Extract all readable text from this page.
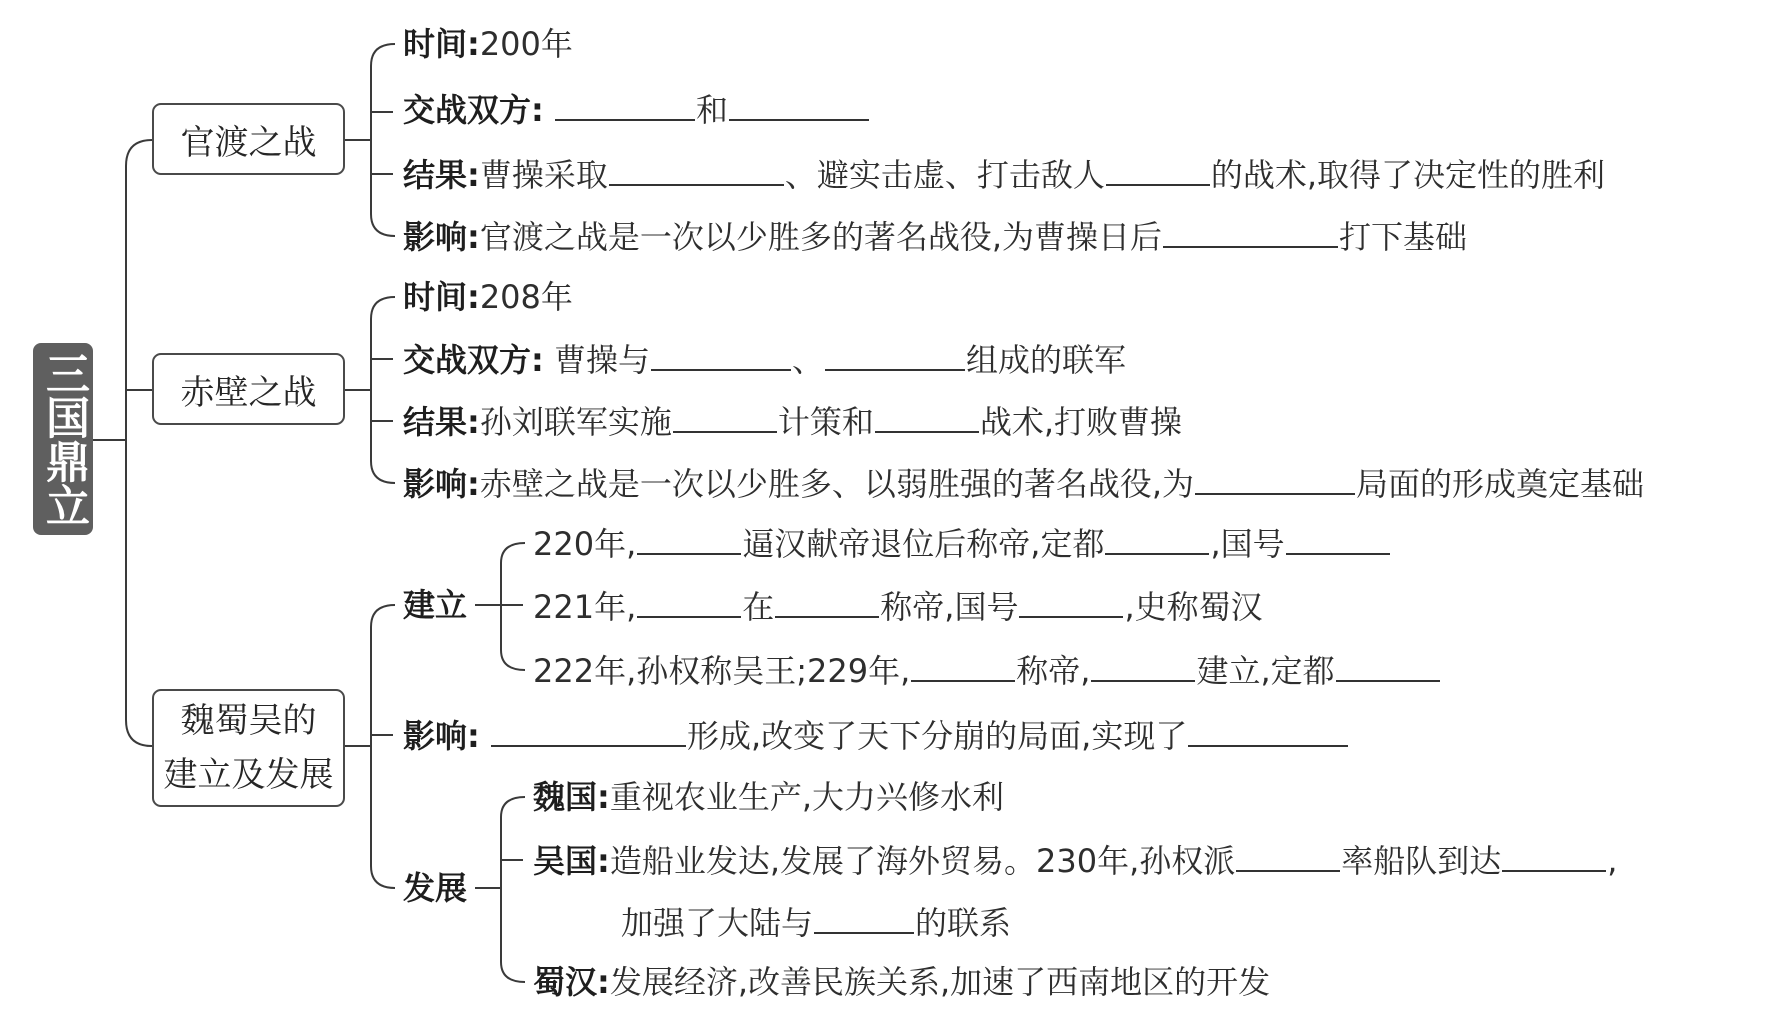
三国鼎立
官渡之战
赤壁之战
魏蜀吴的
建立及发展
时间:200年
交战双方:	和
结果:曹操采取	、避实击虚、打击敌人	的战术,取得了决定性的胜利
影响:官渡之战是一次以少胜多的著名战役,为曹操日后	打下基础
时间:208年
交战双方: 曹操与	、	组成的联军
结果:孙刘联军实施	计策和	战术,打败曹操
影响:赤壁之战是一次以少胜多、以弱胜强的著名战役,为	局面的形成奠定基础
建立
220年,	逼汉献帝退位后称帝,定都	,国号
221年,	在	称帝,国号	,史称蜀汉
222年,孙权称吴王;229年,	称帝,	建立,定都
影响:	形成,改变了天下分崩的局面,实现了
发展
魏国:重视农业生产,大力兴修水利
吴国:造船业发达,发展了海外贸易。230年,孙权派	率船队到达	,
加强了大陆与	的联系
蜀汉:发展经济,改善民族关系,加速了西南地区的开发
